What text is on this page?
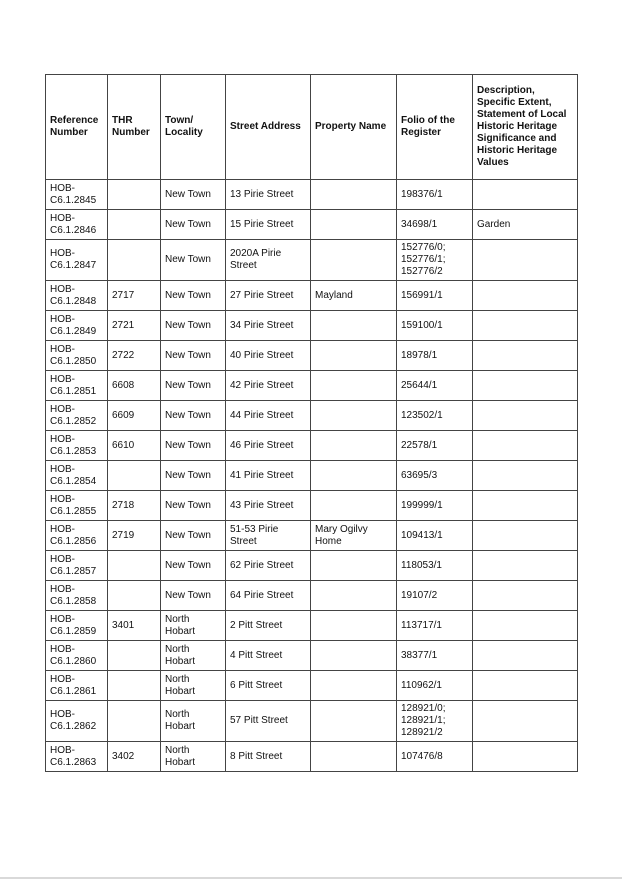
Reference Number	THR Number	Town/ Locality	Street Address	Property Name	Folio of the Register	Description, Specific Extent, Statement of Local Historic Heritage Significance and Historic Heritage Values
HOB-C6.1.2845		New Town	13 Pirie Street		198376/1	
HOB-C6.1.2846		New Town	15 Pirie Street		34698/1	Garden
HOB-C6.1.2847		New Town	2020A Pirie Street		152776/0; 152776/1; 152776/2	
HOB-C6.1.2848	2717	New Town	27 Pirie Street	Mayland	156991/1	
HOB-C6.1.2849	2721	New Town	34 Pirie Street		159100/1	
HOB-C6.1.2850	2722	New Town	40 Pirie Street		18978/1	
HOB-C6.1.2851	6608	New Town	42 Pirie Street		25644/1	
HOB-C6.1.2852	6609	New Town	44 Pirie Street		123502/1	
HOB-C6.1.2853	6610	New Town	46 Pirie Street		22578/1	
HOB-C6.1.2854		New Town	41 Pirie Street		63695/3	
HOB-C6.1.2855	2718	New Town	43 Pirie Street		199999/1	
HOB-C6.1.2856	2719	New Town	51-53 Pirie Street	Mary Ogilvy Home	109413/1	
HOB-C6.1.2857		New Town	62 Pirie Street		118053/1	
HOB-C6.1.2858		New Town	64 Pirie Street		19107/2	
HOB-C6.1.2859	3401	North Hobart	2 Pitt Street		113717/1	
HOB-C6.1.2860		North Hobart	4 Pitt Street		38377/1	
HOB-C6.1.2861		North Hobart	6 Pitt Street		110962/1	
HOB-C6.1.2862		North Hobart	57 Pitt Street		128921/0; 128921/1; 128921/2	
HOB-C6.1.2863	3402	North Hobart	8 Pitt Street		107476/8	
